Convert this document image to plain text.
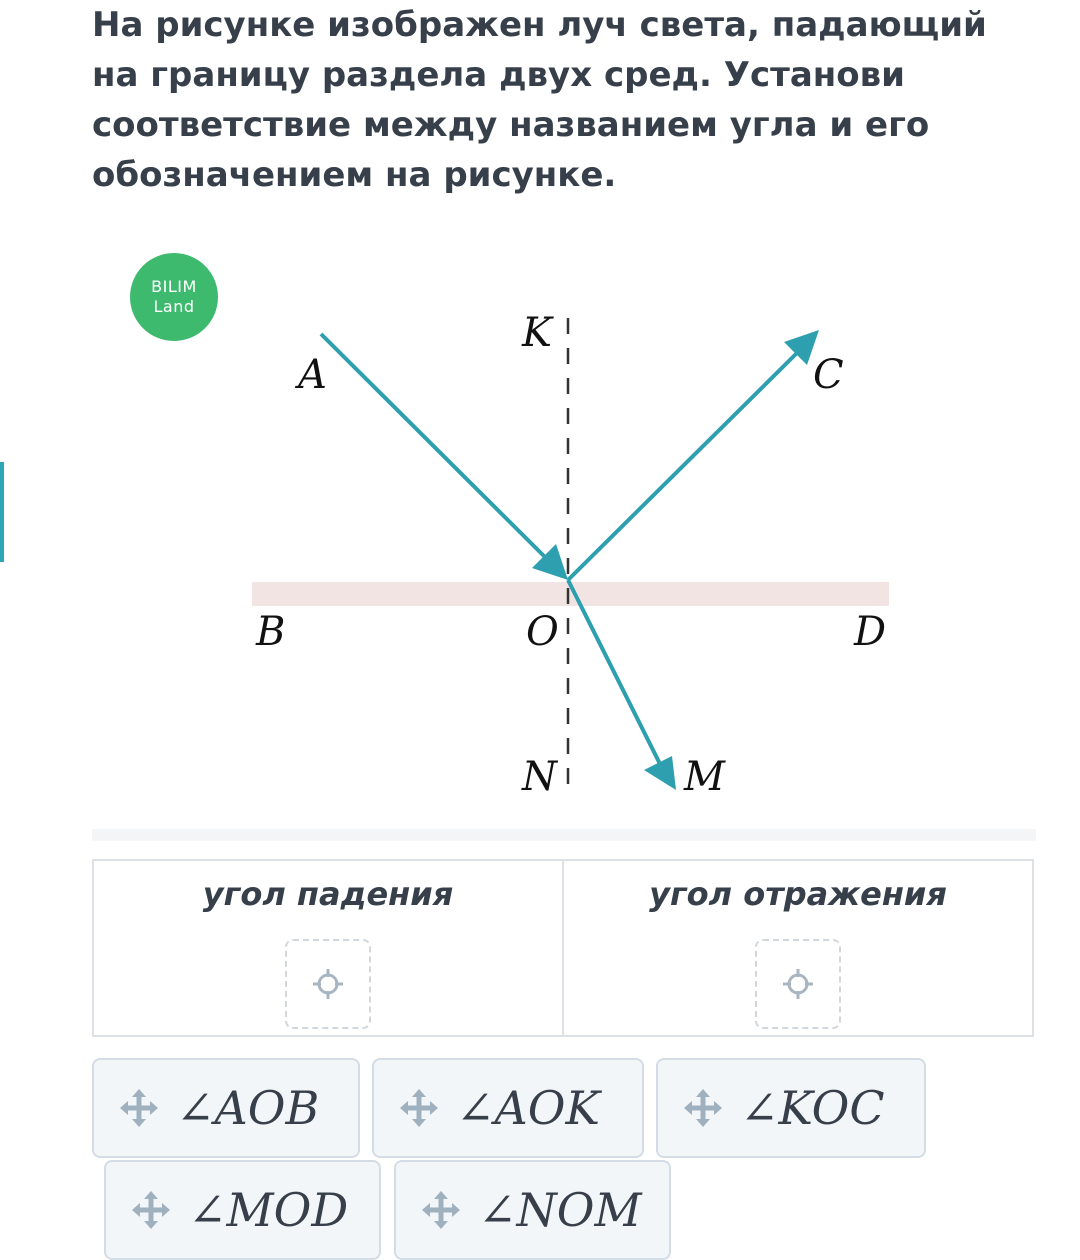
На рисунке изображен луч света, падающий на границу раздела двух сред. Установи соответствие между названием угла и его обозначением на рисунке.

A
K
C
B	O	D
N	M
BILIM
Land
угол падения	угол отражения
∠AOB	∠AOK	∠KOC
∠MOD	∠NOM
